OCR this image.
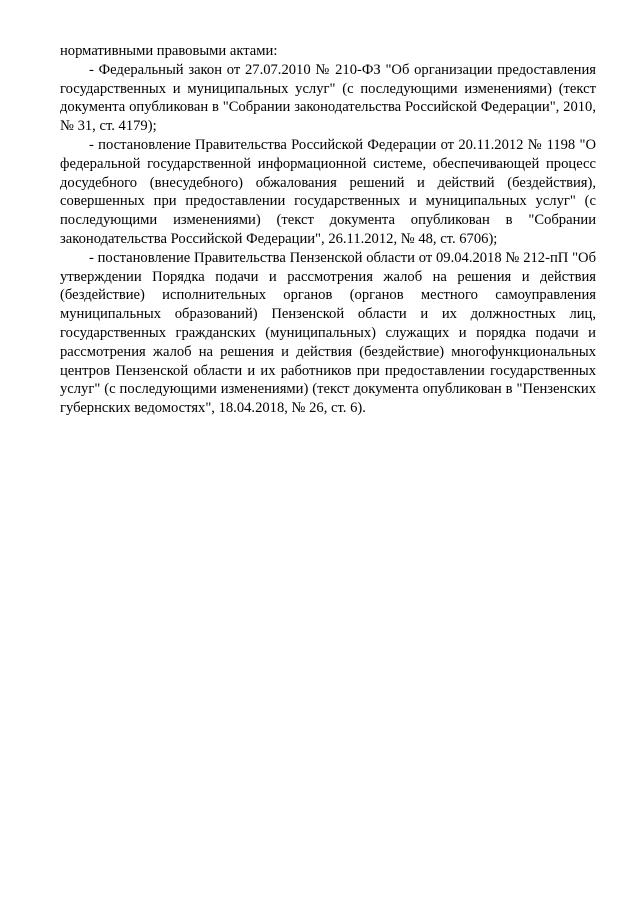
нормативными правовыми актами:

- Федеральный закон от 27.07.2010 № 210-ФЗ "Об организации предоставления государственных и муниципальных услуг" (с последующими изменениями) (текст документа опубликован в "Собрании законодательства Российской Федерации", 2010, № 31, ст. 4179);

- постановление Правительства Российской Федерации от 20.11.2012 № 1198 "О федеральной государственной информационной системе, обеспечивающей процесс досудебного (внесудебного) обжалования решений и действий (бездействия), совершенных при предоставлении государственных и муниципальных услуг" (с последующими изменениями) (текст документа опубликован в "Собрании законодательства Российской Федерации", 26.11.2012, № 48, ст. 6706);

- постановление Правительства Пензенской области от 09.04.2018 № 212-пП "Об утверждении Порядка подачи и рассмотрения жалоб на решения и действия (бездействие) исполнительных органов (органов местного самоуправления муниципальных образований) Пензенской области и их должностных лиц, государственных гражданских (муниципальных) служащих и порядка подачи и рассмотрения жалоб на решения и действия (бездействие) многофункциональных центров Пензенской области и их работников при предоставлении государственных услуг" (с последующими изменениями) (текст документа опубликован в "Пензенских губернских ведомостях", 18.04.2018, № 26, ст. 6).
